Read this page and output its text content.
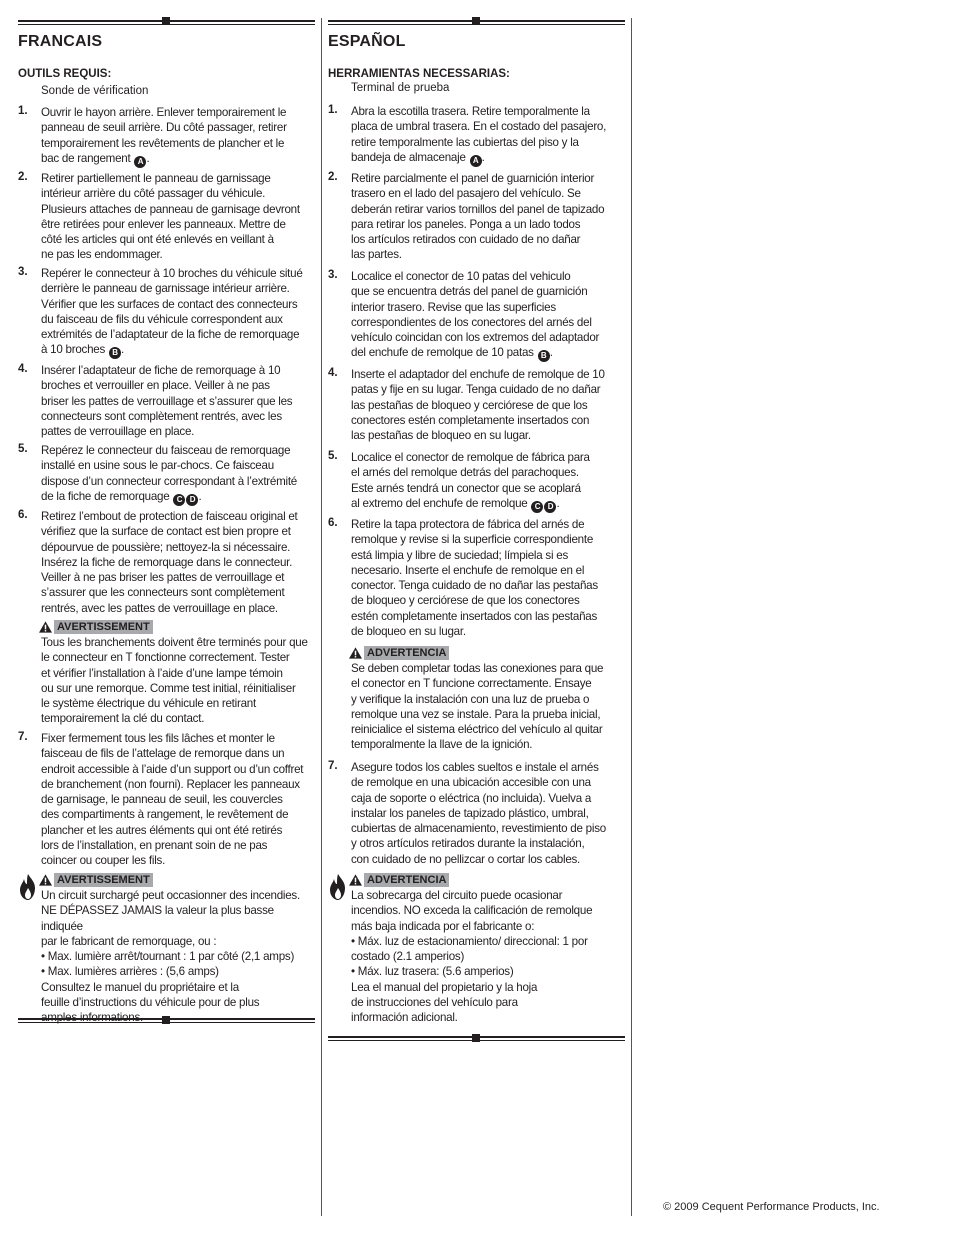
FRANCAIS
OUTILS REQUIS:
Sonde de vérification
1. Ouvrir le hayon arrière. Enlever temporairement le
panneau de seuil arrière. Du côté passager, retirer
temporairement les revêtements de plancher et le
bac de rangement A .
2. Retirer partiellement le panneau de garnissage
intérieur arrière du côté passager du véhicule.
Plusieurs attaches de panneau de garnisage devront
être retirées pour enlever les panneaux. Mettre de
côté les articles qui ont été enlevés en veillant à
ne pas les endommager.
3. Repérer le connecteur à 10 broches du véhicule situé
derrière le panneau de garnissage intérieur arrière.
Vérifier que les surfaces de contact des connecteurs
du faisceau de fils du véhicule correspondent aux
extrémités de l’adaptateur de la fiche de remorquage
à 10 broches B .
4. Insérer l’adaptateur de fiche de remorquage à 10
broches et verrouiller en place. Veiller à ne pas
briser les pattes de verrouillage et s’assurer que les
connecteurs sont complètement rentrés, avec les
pattes de verrouillage en place.
5. Repérez le connecteur du faisceau de remorquage
installé en usine sous le par-chocs. Ce faisceau
dispose d’un connecteur correspondant à l’extrémité
de la fiche de remorquage C D .
6. Retirez l’embout de protection de faisceau original et
vérifiez que la surface de contact est bien propre et
dépourvue de poussière; nettoyez-la si nécessaire.
Insérez la fiche de remorquage dans le connecteur.
Veiller à ne pas briser les pattes de verrouillage et
s’assurer que les connecteurs sont complètement
rentrés, avec les pattes de verrouillage en place.
AVERTISSEMENT
Tous les branchements doivent être terminés pour que
le connecteur en T fonctionne correctement. Tester
et vérifier l’installation à l’aide d’une lampe témoin
ou sur une remorque. Comme test initial, réinitialiser
le système électrique du véhicule en retirant
temporairement la clé du contact.
7. Fixer fermement tous les fils lâches et monter le
faisceau de fils de l’attelage de remorque dans un
endroit accessible à l’aide d’un support ou d’un coffret
de branchement (non fourni). Replacer les panneaux
de garnisage, le panneau de seuil, les couvercles
des compartiments à rangement, le revêtement de
plancher et les autres éléments qui ont été retirés
lors de l’installation, en prenant soin de ne pas
coincer ou couper les fils.
AVERTISSEMENT
Un circuit surchargé peut occasionner des incendies.
NE DÉPASSEZ JAMAIS la valeur la plus basse indiquée
par le fabricant de remorquage, ou :
• Max. lumière arrêt/tournant : 1 par côté (2,1 amps)
• Max. lumières arrières : (5,6 amps)
Consultez le manuel du propriétaire et la
feuille d’instructions du véhicule pour de plus
amples informations.
ESPAÑOL
HERRAMIENTAS NECESSARIAS:
Terminal de prueba
1. Abra la escotilla trasera. Retire temporalmente la
placa de umbral trasera. En el costado del pasajero,
retire temporalmente las cubiertas del piso y la
bandeja de almacenaje A .
2. Retire parcialmente el panel de guarnición interior
trasero en el lado del pasajero del vehículo. Se
deberán retirar varios tornillos del panel de tapizado
para retirar los paneles. Ponga a un lado todos
los artículos retirados con cuidado de no dañar
las partes.
3. Localice el conector de 10 patas del vehiculo
que se encuentra detrás del panel de guarnición
interior trasero. Revise que las superficies
correspondientes de los conectores del arnés del
vehículo coincidan con los extremos del adaptador
del enchufe de remolque de 10 patas B .
4. Inserte el adaptador del enchufe de remolque de 10
patas y fije en su lugar. Tenga cuidado de no dañar
las pestañas de bloqueo y cerciórese de que los
conectores estén completamente insertados con
las pestañas de bloqueo en su lugar.
5. Localice el conector de remolque de fábrica para
el arnés del remolque detrás del parachoques.
Este arnés tendrá un conector que se acoplará
al extremo del enchufe de remolque C D .
6. Retire la tapa protectora de fábrica del arnés de
remolque y revise si la superficie correspondiente
está limpia y libre de suciedad; límpiela si es
necesario. Inserte el enchufe de remolque en el
conector. Tenga cuidado de no dañar las pestañas
de bloqueo y cerciórese de que los conectores
estén completamente insertados con las pestañas
de bloqueo en su lugar.
ADVERTENCIA
Se deben completar todas las conexiones para que
el conector en T funcione correctamente. Ensaye
y verifique la instalación con una luz de prueba o
remolque una vez se instale. Para la prueba inicial,
reinicialice el sistema eléctrico del vehículo al quitar
temporalmente la llave de la ignición.
7. Asegure todos los cables sueltos e instale el arnés
de remolque en una ubicación accesible con una
caja de soporte o eléctrica (no incluida). Vuelva a
instalar los paneles de tapizado plástico, umbral,
cubiertas de almacenamiento, revestimiento de piso
y otros artículos retirados durante la instalación,
con cuidado de no pellizcar o cortar los cables.
ADVERTENCIA
La sobrecarga del circuito puede ocasionar
incendios. NO exceda la calificación de remolque
más baja indicada por el fabricante o:
• Máx. luz de estacionamiento/ direccional: 1 por
costado (2.1 amperios)
• Máx. luz trasera: (5.6 amperios)
Lea el manual del propietario y la hoja
de instrucciones del vehículo para
información adicional.
© 2009 Cequent Performance Products, Inc.
